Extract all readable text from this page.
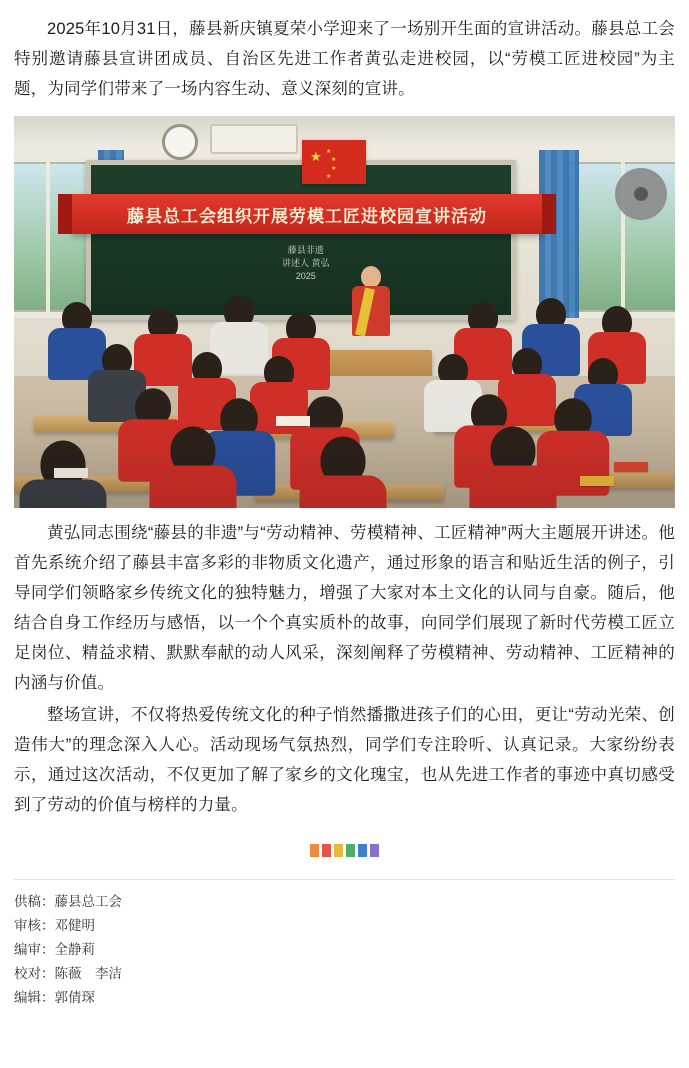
2025年10月31日，藤县新庆镇夏荣小学迎来了一场别开生面的宣讲活动。藤县总工会特别邀请藤县宣讲团成员、自治区先进工作者黄弘走进校园，以“劳模工匠进校园”为主题，为同学们带来了一场内容生动、意义深刻的宣讲。

★ ★
★
★
★
藤县总工会组织开展劳模工匠进校园宣讲活动
藤县非遗
讲述人 黄弘
2025

黄弘同志围绕“藤县的非遗”与“劳动精神、劳模精神、工匠精神”两大主题展开讲述。他首先系统介绍了藤县丰富多彩的非物质文化遗产，通过形象的语言和贴近生活的例子，引导同学们领略家乡传统文化的独特魅力，增强了大家对本土文化的认同与自豪。随后，他结合自身工作经历与感悟，以一个个真实质朴的故事，向同学们展现了新时代劳模工匠立足岗位、精益求精、默默奉献的动人风采，深刻阐释了劳模精神、劳动精神、工匠精神的内涵与价值。

整场宣讲，不仅将热爱传统文化的种子悄然播撒进孩子们的心田，更让“劳动光荣、创造伟大”的理念深入人心。活动现场气氛热烈，同学们专注聆听、认真记录。大家纷纷表示，通过这次活动，不仅更加了解了家乡的文化瑰宝，也从先进工作者的事迹中真切感受到了劳动的价值与榜样的力量。

供稿：藤县总工会
审核：邓健明
编审：全静莉
校对：陈薇　李洁
编辑：郭倩琛
